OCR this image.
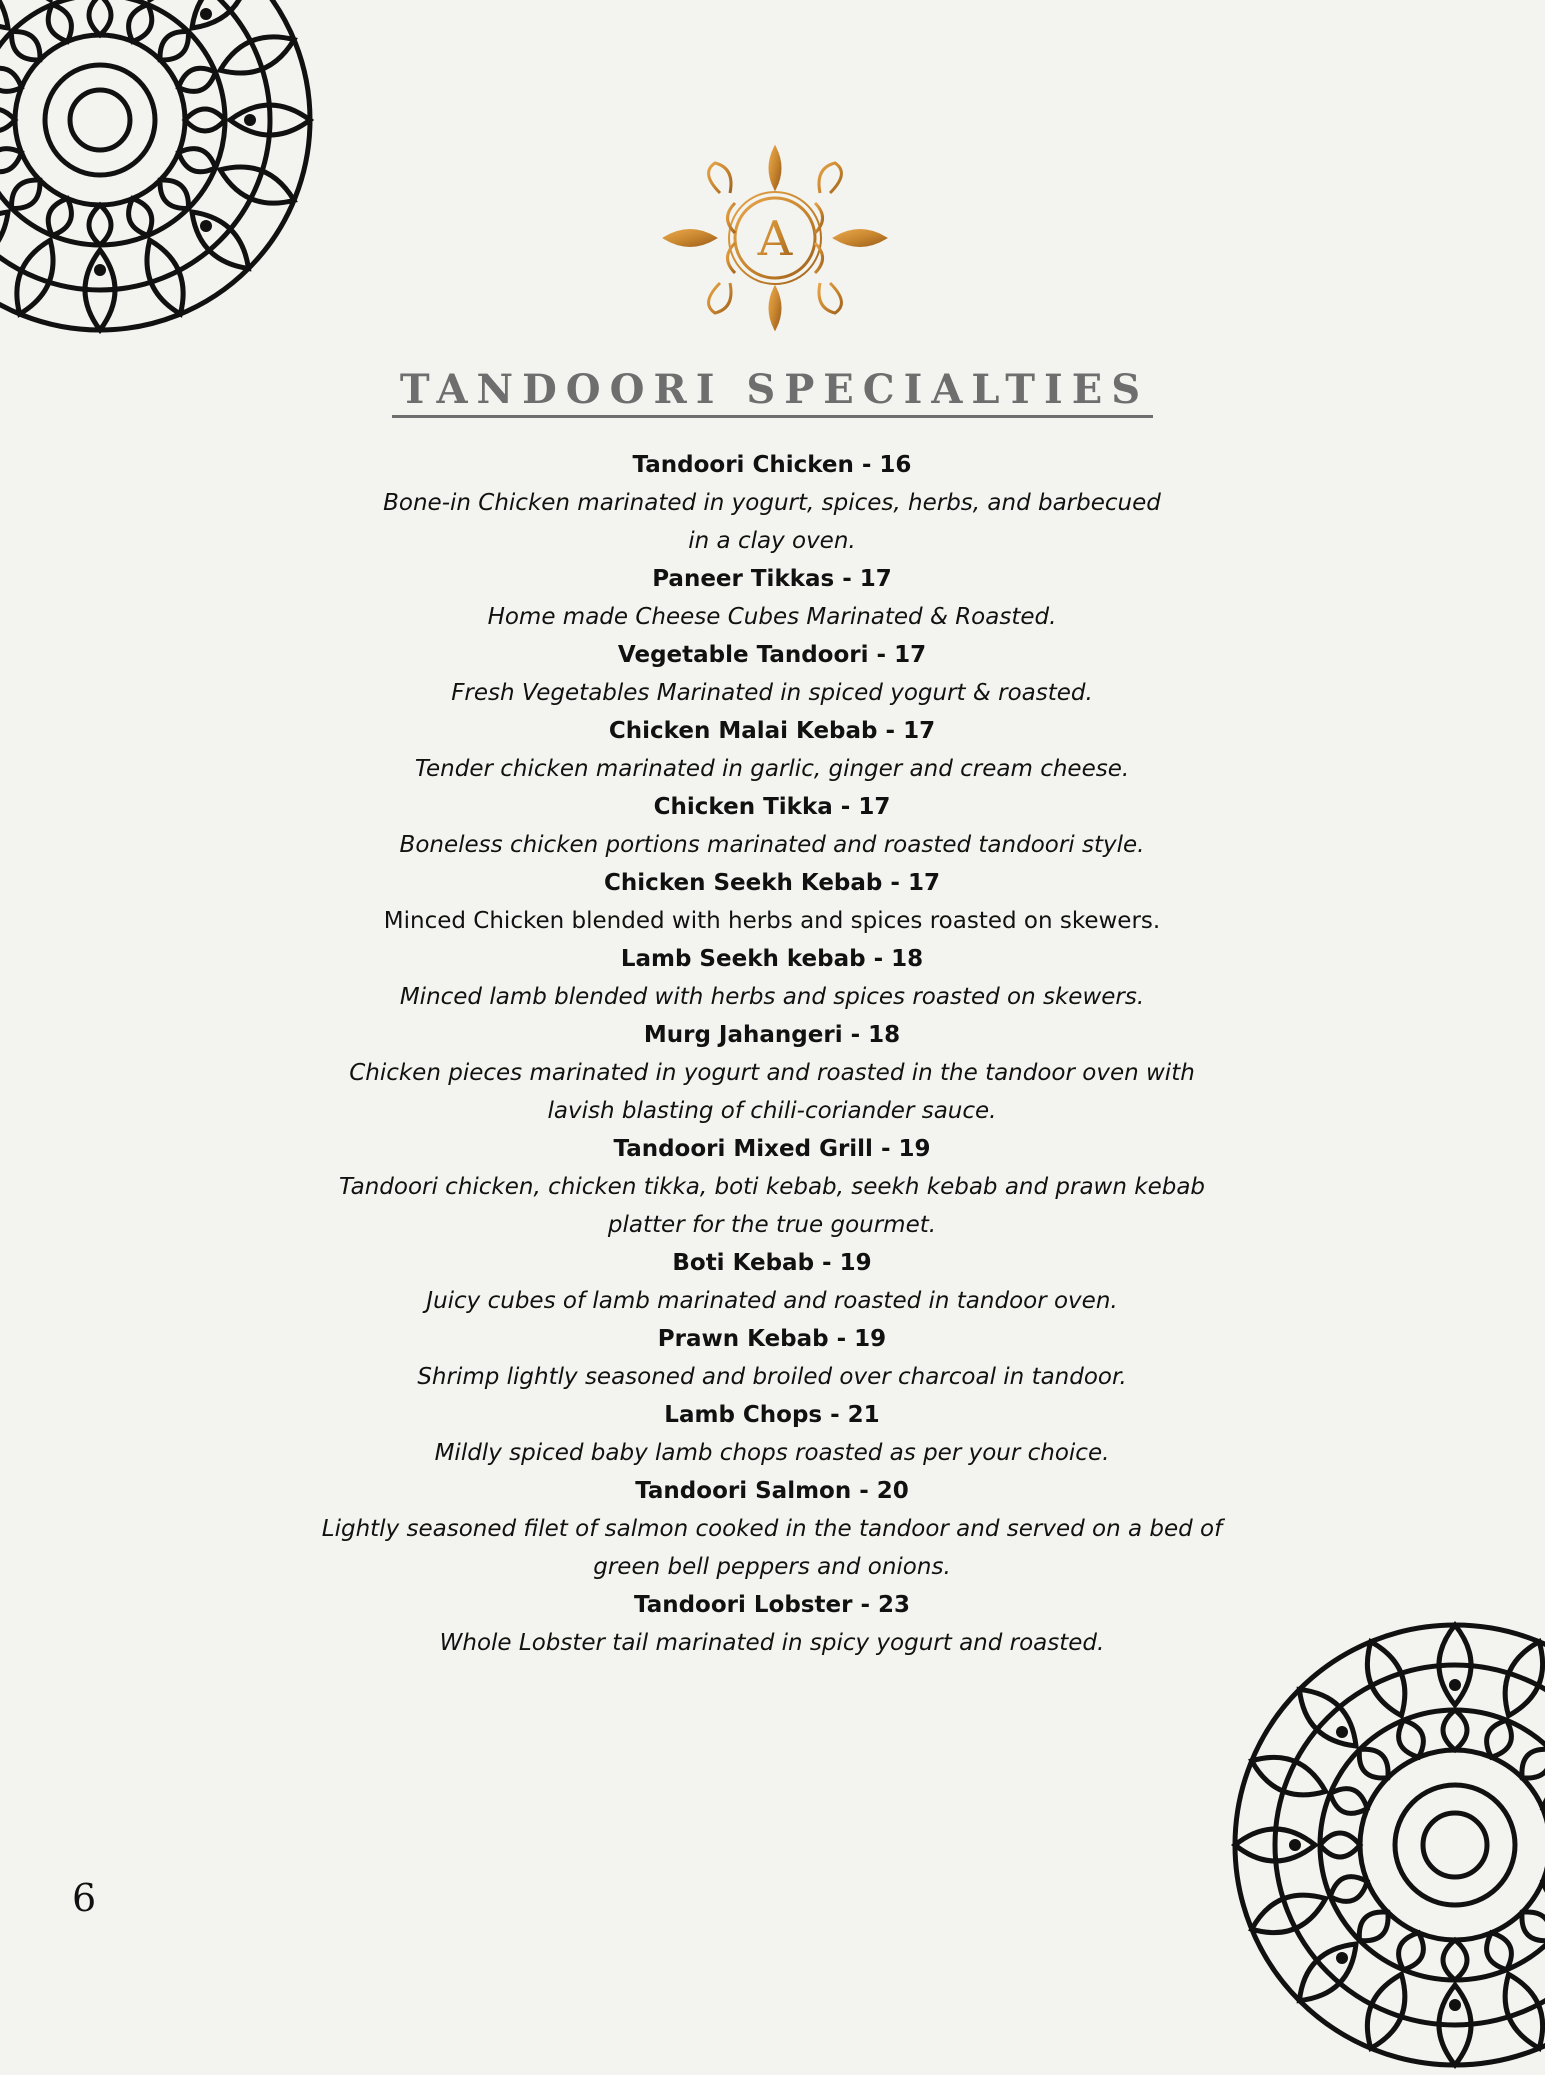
A
TANDOORI SPECIALTIES
Tandoori Chicken - 16
Bone-in Chicken marinated in yogurt, spices, herbs, and barbecued
in a clay oven.
Paneer Tikkas - 17
Home made Cheese Cubes Marinated & Roasted.
Vegetable Tandoori - 17
Fresh Vegetables Marinated in spiced yogurt & roasted.
Chicken Malai Kebab - 17
Tender chicken marinated in garlic, ginger and cream cheese.
Chicken Tikka - 17
Boneless chicken portions marinated and roasted tandoori style.
Chicken Seekh Kebab - 17
Minced Chicken blended with herbs and spices roasted on skewers.
Lamb Seekh kebab - 18
Minced lamb blended with herbs and spices roasted on skewers.
Murg Jahangeri - 18
Chicken pieces marinated in yogurt and roasted in the tandoor oven with
lavish blasting of chili-coriander sauce.
Tandoori Mixed Grill - 19
Tandoori chicken, chicken tikka, boti kebab, seekh kebab and prawn kebab
platter for the true gourmet.
Boti Kebab - 19
Juicy cubes of lamb marinated and roasted in tandoor oven.
Prawn Kebab - 19
Shrimp lightly seasoned and broiled over charcoal in tandoor.
Lamb Chops - 21
Mildly spiced baby lamb chops roasted as per your choice.
Tandoori Salmon - 20
Lightly seasoned filet of salmon cooked in the tandoor and served on a bed of
green bell peppers and onions.
Tandoori Lobster - 23
Whole Lobster tail marinated in spicy yogurt and roasted.
6
